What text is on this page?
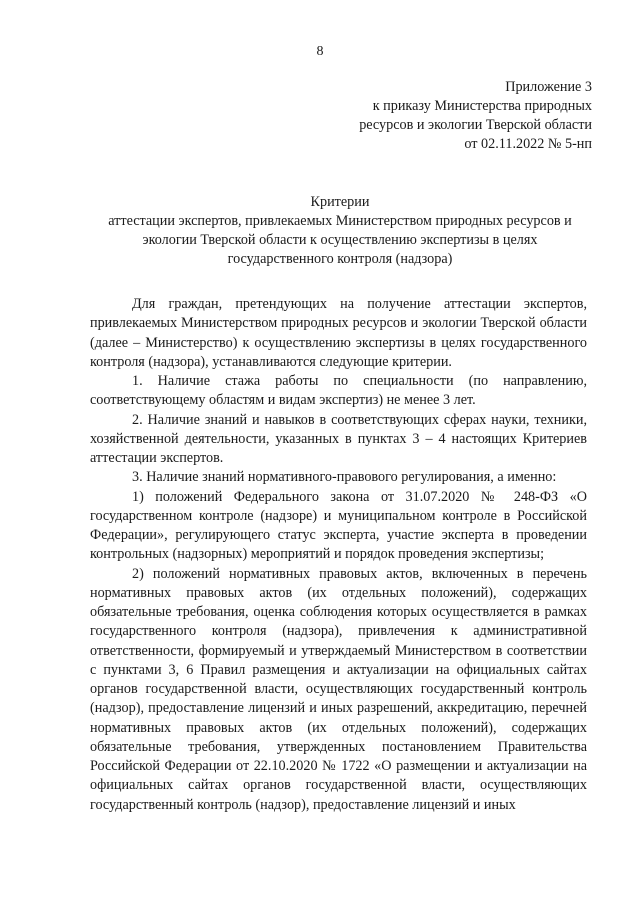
8
Приложение 3
к приказу Министерства природных
ресурсов и экологии Тверской области
от 02.11.2022 № 5-нп
Критерии
аттестации экспертов, привлекаемых Министерством природных ресурсов и
экологии Тверской области к осуществлению экспертизы в целях
государственного контроля (надзора)

Для граждан, претендующих на получение аттестации экспертов, привлекаемых Министерством природных ресурсов и экологии Тверской области (далее – Министерство) к осуществлению экспертизы в целях государственного контроля (надзора), устанавливаются следующие критерии.

1. Наличие стажа работы по специальности (по направлению, соответствующему областям и видам экспертиз) не менее 3 лет.

2. Наличие знаний и навыков в соответствующих сферах науки, техники, хозяйственной деятельности, указанных в пунктах 3 – 4 настоящих Критериев аттестации экспертов.

3. Наличие знаний нормативного-правового регулирования, а именно:

1) положений Федерального закона от 31.07.2020 № 248-ФЗ «О государственном контроле (надзоре) и муниципальном контроле в Российской Федерации», регулирующего статус эксперта, участие эксперта в проведении контрольных (надзорных) мероприятий и порядок проведения экспертизы;

2) положений нормативных правовых актов, включенных в перечень нормативных правовых актов (их отдельных положений), содержащих обязательные требования, оценка соблюдения которых осуществляется в рамках государственного контроля (надзора), привлечения к административной ответственности, формируемый и утверждаемый Министерством в соответствии с пунктами 3, 6 Правил размещения и актуализации на официальных сайтах органов государственной власти, осуществляющих государственный контроль (надзор), предоставление лицензий и иных разрешений, аккредитацию, перечней нормативных правовых актов (их отдельных положений), содержащих обязательные требования, утвержденных постановлением Правительства Российской Федерации от 22.10.2020 № 1722 «О размещении и актуализации на официальных сайтах органов государственной власти, осуществляющих государственный контроль (надзор), предоставление лицензий и иных
